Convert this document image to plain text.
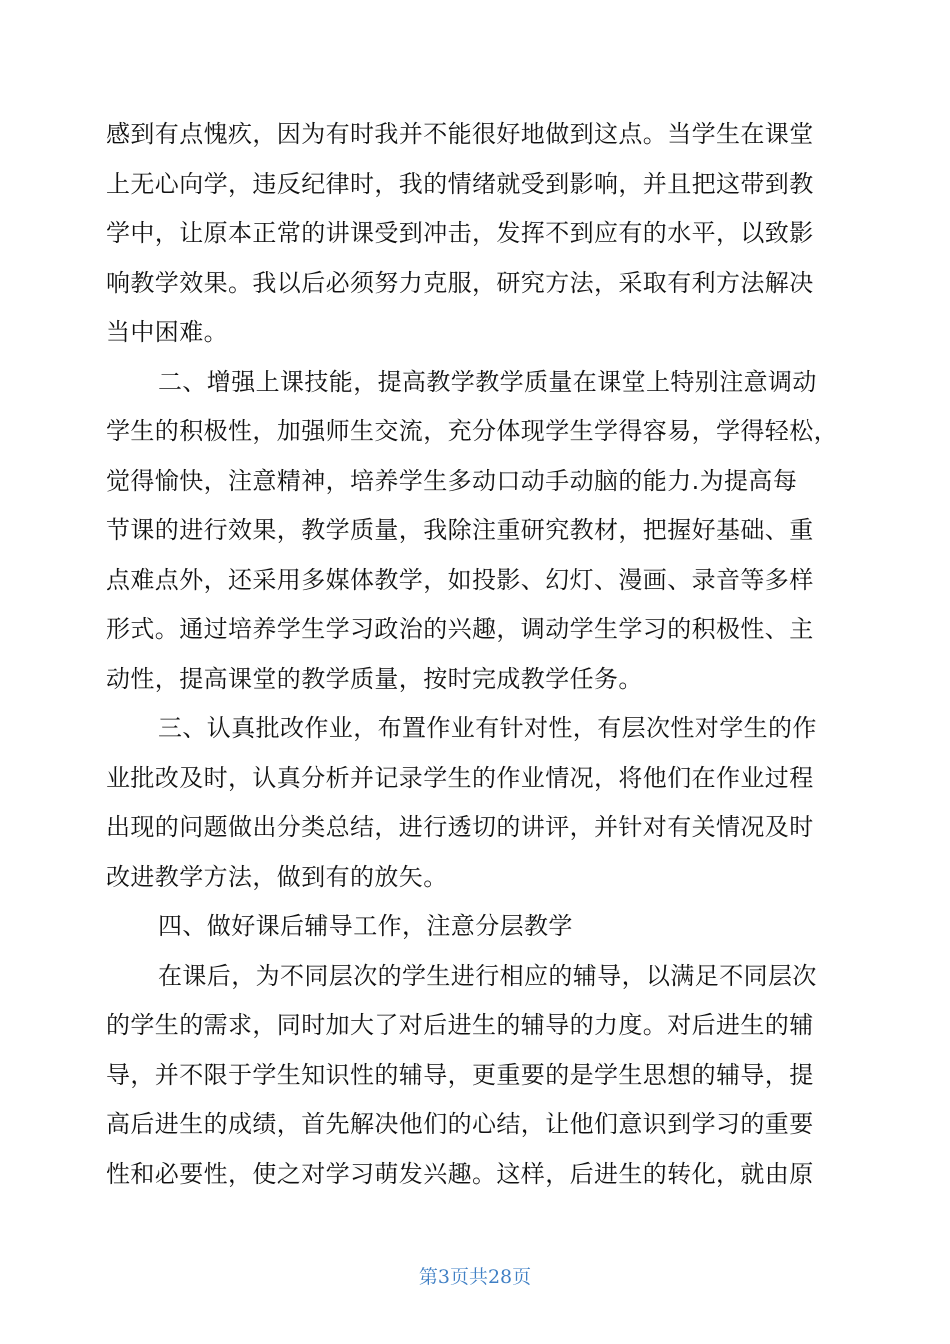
感到有点愧疚，因为有时我并不能很好地做到这点。当学生在课堂
上无心向学，违反纪律时，我的情绪就受到影响，并且把这带到教
学中，让原本正常的讲课受到冲击，发挥不到应有的水平，以致影
响教学效果。我以后必须努力克服，研究方法，采取有利方法解决
当中困难。
二、增强上课技能，提高教学教学质量在课堂上特别注意调动
学生的积极性，加强师生交流，充分体现学生学得容易，学得轻松，
觉得愉快，注意精神，培养学生多动口动手动脑的能力.为提高每
节课的进行效果，教学质量，我除注重研究教材，把握好基础、重
点难点外，还采用多媒体教学，如投影、幻灯、漫画、录音等多样
形式。通过培养学生学习政治的兴趣，调动学生学习的积极性、主
动性，提高课堂的教学质量，按时完成教学任务。
三、认真批改作业，布置作业有针对性，有层次性对学生的作
业批改及时，认真分析并记录学生的作业情况，将他们在作业过程
出现的问题做出分类总结，进行透切的讲评，并针对有关情况及时
改进教学方法，做到有的放矢。
四、做好课后辅导工作，注意分层教学
在课后，为不同层次的学生进行相应的辅导，以满足不同层次
的学生的需求，同时加大了对后进生的辅导的力度。对后进生的辅
导，并不限于学生知识性的辅导，更重要的是学生思想的辅导，提
高后进生的成绩，首先解决他们的心结，让他们意识到学习的重要
性和必要性，使之对学习萌发兴趣。这样，后进生的转化，就由原
第3页共28页
